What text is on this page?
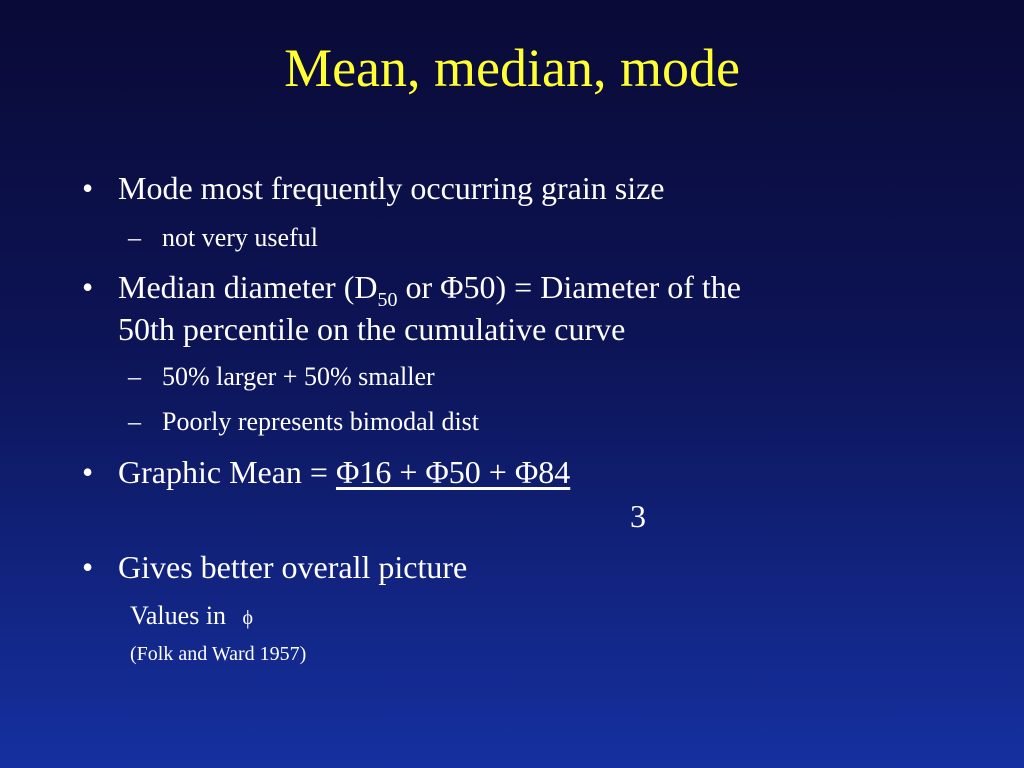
Mean, median, mode
• Mode most frequently occurring grain size
– not very useful
• Median diameter ($D_{50}$ or Φ50) = Diameter of the
50th percentile on the cumulative curve
– 50% larger + 50% smaller
– Poorly represents bimodal dist
• Graphic Mean = Φ16 + Φ50 + Φ84
3
• Gives better overall picture
Values in ϕ
(Folk and Ward 1957)
